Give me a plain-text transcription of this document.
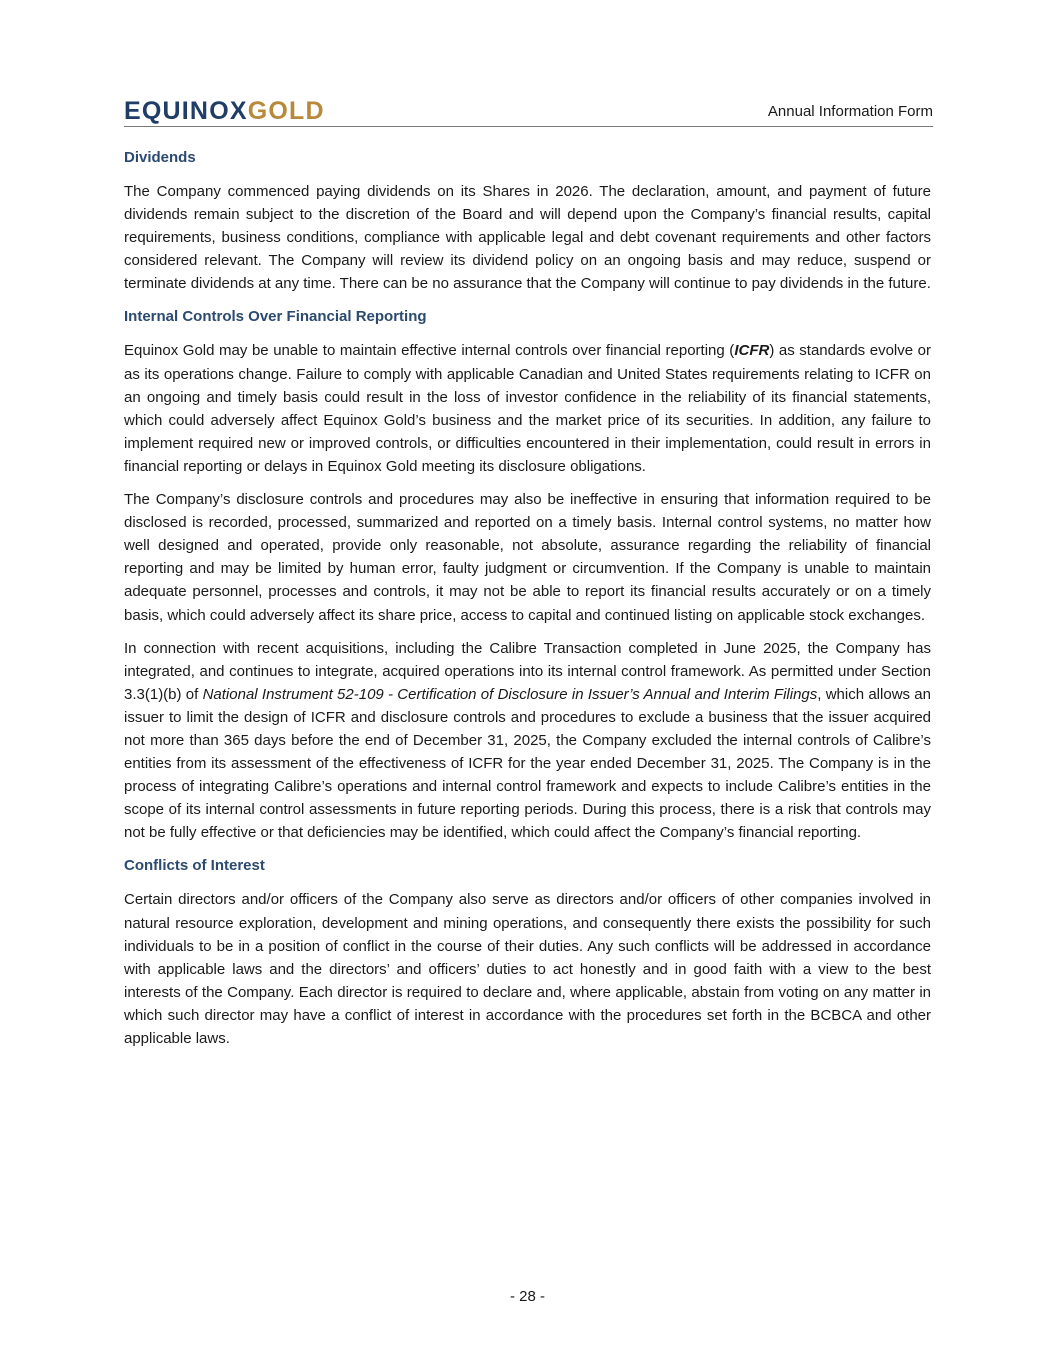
EQUINOXGOLD	Annual Information Form
Dividends

The Company commenced paying dividends on its Shares in 2026. The declaration, amount, and payment of future dividends remain subject to the discretion of the Board and will depend upon the Company’s financial results, capital requirements, business conditions, compliance with applicable legal and debt covenant requirements and other factors considered relevant. The Company will review its dividend policy on an ongoing basis and may reduce, suspend or terminate dividends at any time. There can be no assurance that the Company will continue to pay dividends in the future.

Internal Controls Over Financial Reporting

Equinox Gold may be unable to maintain effective internal controls over financial reporting (ICFR) as standards evolve or as its operations change. Failure to comply with applicable Canadian and United States requirements relating to ICFR on an ongoing and timely basis could result in the loss of investor confidence in the reliability of its financial statements, which could adversely affect Equinox Gold’s business and the market price of its securities. In addition, any failure to implement required new or improved controls, or difficulties encountered in their implementation, could result in errors in financial reporting or delays in Equinox Gold meeting its disclosure obligations.

The Company’s disclosure controls and procedures may also be ineffective in ensuring that information required to be disclosed is recorded, processed, summarized and reported on a timely basis. Internal control systems, no matter how well designed and operated, provide only reasonable, not absolute, assurance regarding the reliability of financial reporting and may be limited by human error, faulty judgment or circumvention. If the Company is unable to maintain adequate personnel, processes and controls, it may not be able to report its financial results accurately or on a timely basis, which could adversely affect its share price, access to capital and continued listing on applicable stock exchanges.

In connection with recent acquisitions, including the Calibre Transaction completed in June 2025, the Company has integrated, and continues to integrate, acquired operations into its internal control framework. As permitted under Section 3.3(1)(b) of National Instrument 52-109 - Certification of Disclosure in Issuer’s Annual and Interim Filings, which allows an issuer to limit the design of ICFR and disclosure controls and procedures to exclude a business that the issuer acquired not more than 365 days before the end of December 31, 2025, the Company excluded the internal controls of Calibre’s entities from its assessment of the effectiveness of ICFR for the year ended December 31, 2025. The Company is in the process of integrating Calibre’s operations and internal control framework and expects to include Calibre’s entities in the scope of its internal control assessments in future reporting periods. During this process, there is a risk that controls may not be fully effective or that deficiencies may be identified, which could affect the Company’s financial reporting.

Conflicts of Interest

Certain directors and/or officers of the Company also serve as directors and/or officers of other companies involved in natural resource exploration, development and mining operations, and consequently there exists the possibility for such individuals to be in a position of conflict in the course of their duties. Any such conflicts will be addressed in accordance with applicable laws and the directors’ and officers’ duties to act honestly and in good faith with a view to the best interests of the Company. Each director is required to declare and, where applicable, abstain from voting on any matter in which such director may have a conflict of interest in accordance with the procedures set forth in the BCBCA and other applicable laws.

- 28 -
